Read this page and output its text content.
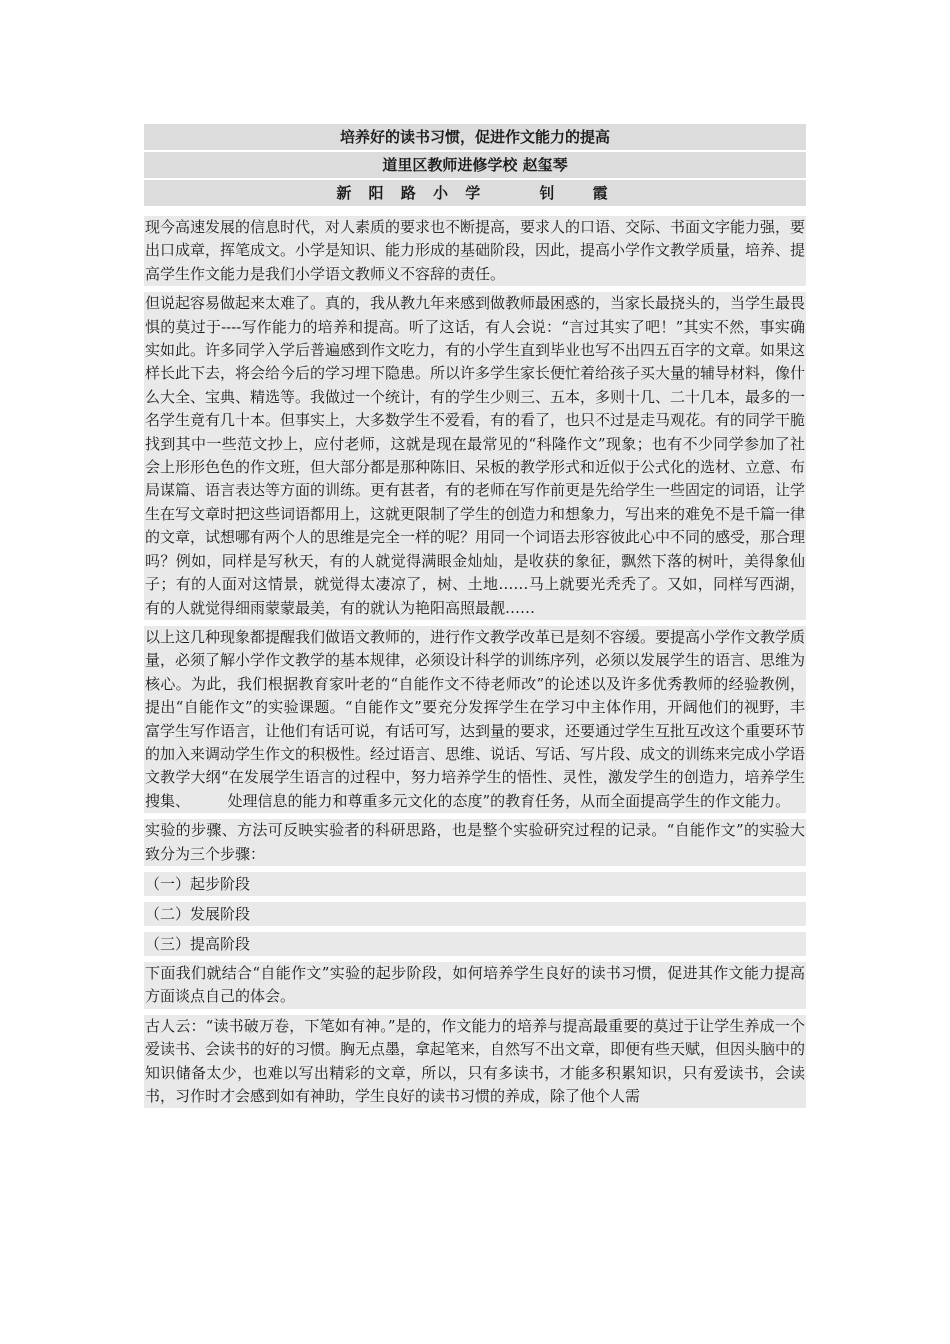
培养好的读书习惯，促进作文能力的提高
道里区教师进修学校 赵玺琴
新 阳 路 小 学 　　钊　 霞
现今高速发展的信息时代，对人素质的要求也不断提高，要求人的口语、交际、书面文字能力强，要出口成章，挥笔成文。小学是知识、能力形成的基础阶段，因此，提高小学作文教学质量，培养、提高学生作文能力是我们小学语文教师义不容辞的责任。
但说起容易做起来太难了。真的，我从教九年来感到做教师最困惑的，当家长最挠头的，当学生最畏惧的莫过于----写作能力的培养和提高。听了这话，有人会说：“言过其实了吧！”其实不然，事实确实如此。许多同学入学后普遍感到作文吃力，有的小学生直到毕业也写不出四五百字的文章。如果这样长此下去，将会给今后的学习埋下隐患。所以许多学生家长便忙着给孩子买大量的辅导材料，像什么大全、宝典、精选等。我做过一个统计，有的学生少则三、五本，多则十几、二十几本，最多的一名学生竟有几十本。但事实上，大多数学生不爱看，有的看了，也只不过是走马观花。有的同学干脆找到其中一些范文抄上，应付老师，这就是现在最常见的“科隆作文”现象；也有不少同学参加了社会上形形色色的作文班，但大部分都是那种陈旧、呆板的教学形式和近似于公式化的选材、立意、布局谋篇、语言表达等方面的训练。更有甚者，有的老师在写作前更是先给学生一些固定的词语，让学生在写文章时把这些词语都用上，这就更限制了学生的创造力和想象力，写出来的难免不是千篇一律的文章，试想哪有两个人的思维是完全一样的呢？用同一个词语去形容彼此心中不同的感受，那合理吗？例如，同样是写秋天，有的人就觉得满眼金灿灿，是收获的象征，飘然下落的树叶，美得象仙子；有的人面对这情景，就觉得太凄凉了，树、土地……马上就要光秃秃了。又如，同样写西湖， 有的人就觉得细雨蒙蒙最美，有的就认为艳阳高照最靓……
以上这几种现象都提醒我们做语文教师的，进行作文教学改革已是刻不容缓。要提高小学作文教学质量，必须了解小学作文教学的基本规律，必须设计科学的训练序列，必须以发展学生的语言、思维为核心。为此，我们根据教育家叶老的“自能作文不待老师改”的论述以及许多优秀教师的经验教例，提出“自能作文”的实验课题。“自能作文”要充分发挥学生在学习中主体作用，开阔他们的视野，丰富学生写作语言，让他们有话可说，有话可写，达到量的要求，还要通过学生互批互改这个重要环节的加入来调动学生作文的积极性。经过语言、思维、说话、写话、写片段、成文的训练来完成小学语文教学大纲“在发展学生语言的过程中，努力培养学生的悟性、灵性，激发学生的创造力，培养学生搜集、　　　处理信息的能力和尊重多元文化的态度”的教育任务，从而全面提高学生的作文能力。
实验的步骤、方法可反映实验者的科研思路，也是整个实验研究过程的记录。“自能作文”的实验大致分为三个步骤：
（一）起步阶段
（二）发展阶段
（三）提高阶段
下面我们就结合“自能作文”实验的起步阶段，如何培养学生良好的读书习惯，促进其作文能力提高方面谈点自己的体会。
古人云：“读书破万卷，下笔如有神。”是的，作文能力的培养与提高最重要的莫过于让学生养成一个爱读书、会读书的好的习惯。胸无点墨，拿起笔来，自然写不出文章，即便有些天赋，但因头脑中的知识储备太少，也难以写出精彩的文章，所以，只有多读书，才能多积累知识，只有爱读书，会读书，习作时才会感到如有神助，学生良好的读书习惯的养成，除了他个人需
